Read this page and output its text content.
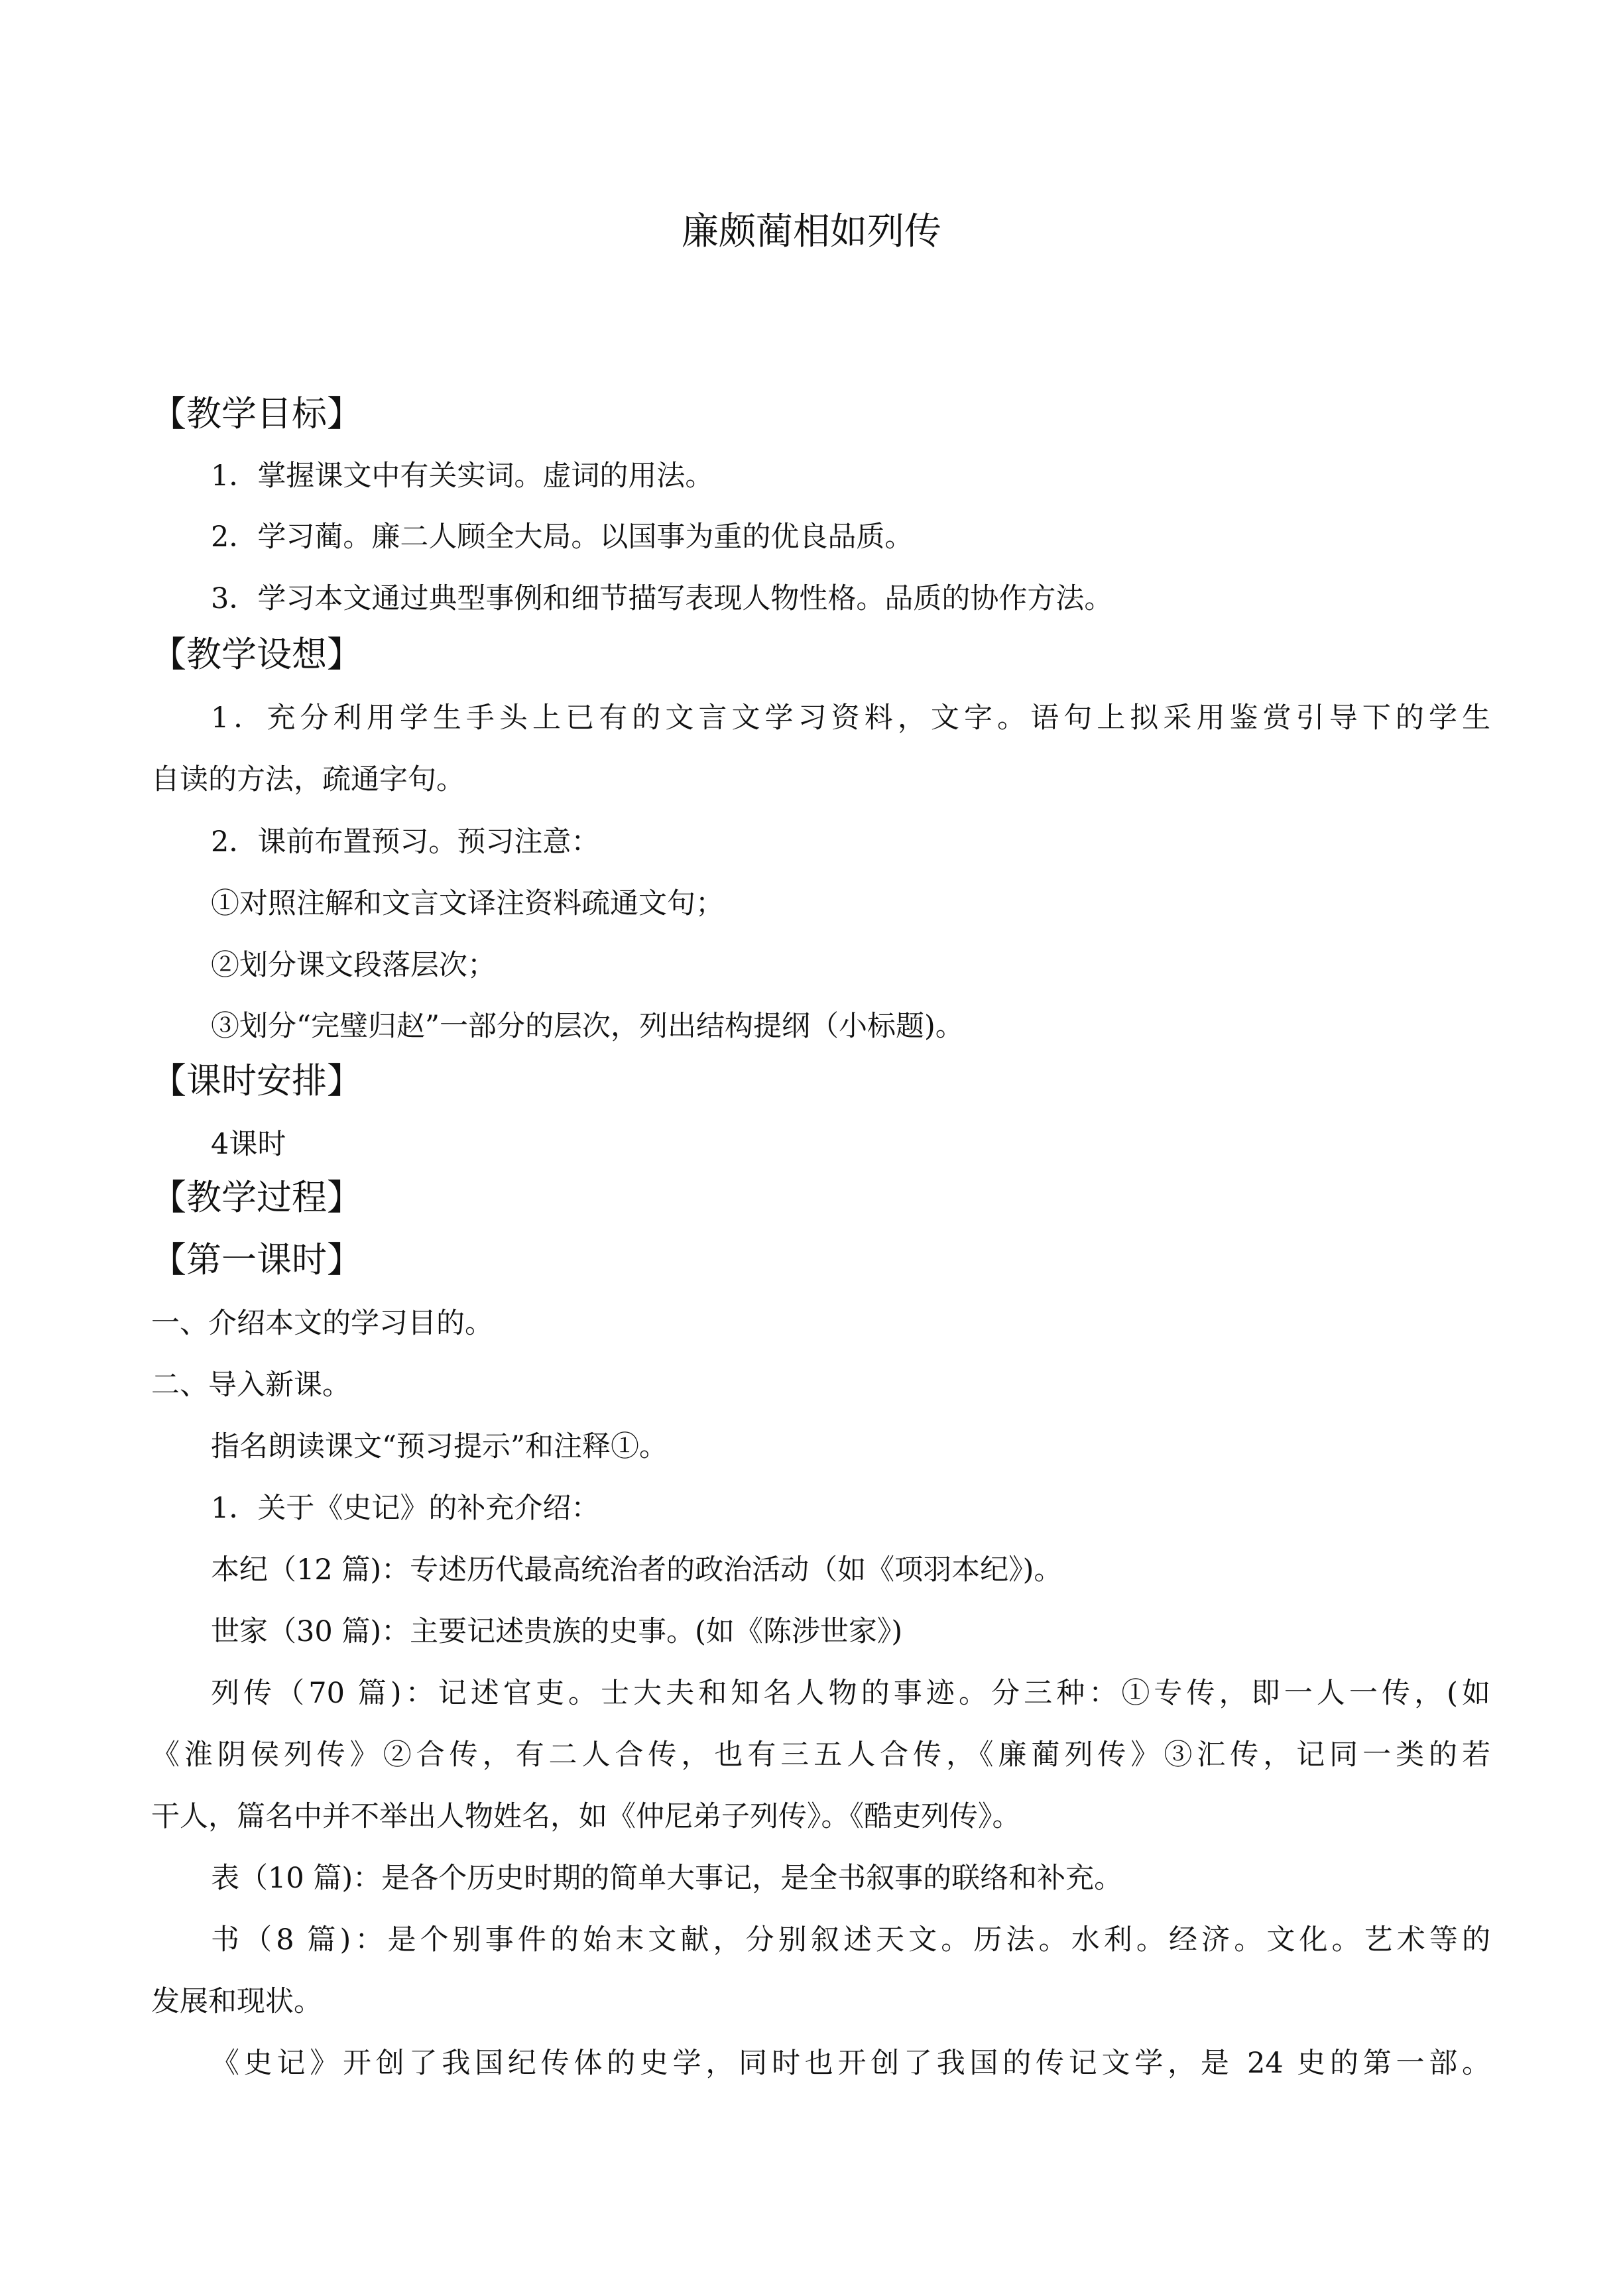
廉颇蔺相如列传
【教学目标】
1．掌握课文中有关实词。虚词的用法。
2．学习蔺。廉二人顾全大局。以国事为重的优良品质。
3．学习本文通过典型事例和细节描写表现人物性格。品质的协作方法。
【教学设想】
1．充分利用学生手头上已有的文言文学习资料，文字。语句上拟采用鉴赏引导下的学生
自读的方法，疏通字句。
2．课前布置预习。预习注意：
①对照注解和文言文译注资料疏通文句；
②划分课文段落层次；
③划分“完璧归赵”一部分的层次，列出结构提纲（小标题)。
【课时安排】
4课时
【教学过程】
【第一课时】
一、介绍本文的学习目的。
二、导入新课。
指名朗读课文“预习提示”和注释①。
1．关于《史记》的补充介绍：
本纪（12 篇)：专述历代最高统治者的政治活动（如《项羽本纪》)。
世家（30 篇)：主要记述贵族的史事。(如《陈涉世家》)
列传（70 篇)：记述官吏。士大夫和知名人物的事迹。分三种：①专传，即一人一传，(如
《淮阴侯列传》②合传，有二人合传，也有三五人合传，《廉蔺列传》③汇传，记同一类的若
干人，篇名中并不举出人物姓名，如《仲尼弟子列传》。《酷吏列传》。
表（10 篇)：是各个历史时期的简单大事记，是全书叙事的联络和补充。
书（8 篇)：是个别事件的始末文献，分别叙述天文。历法。水利。经济。文化。艺术等的
发展和现状。
《史记》开创了我国纪传体的史学，同时也开创了我国的传记文学，是 24 史的第一部。
